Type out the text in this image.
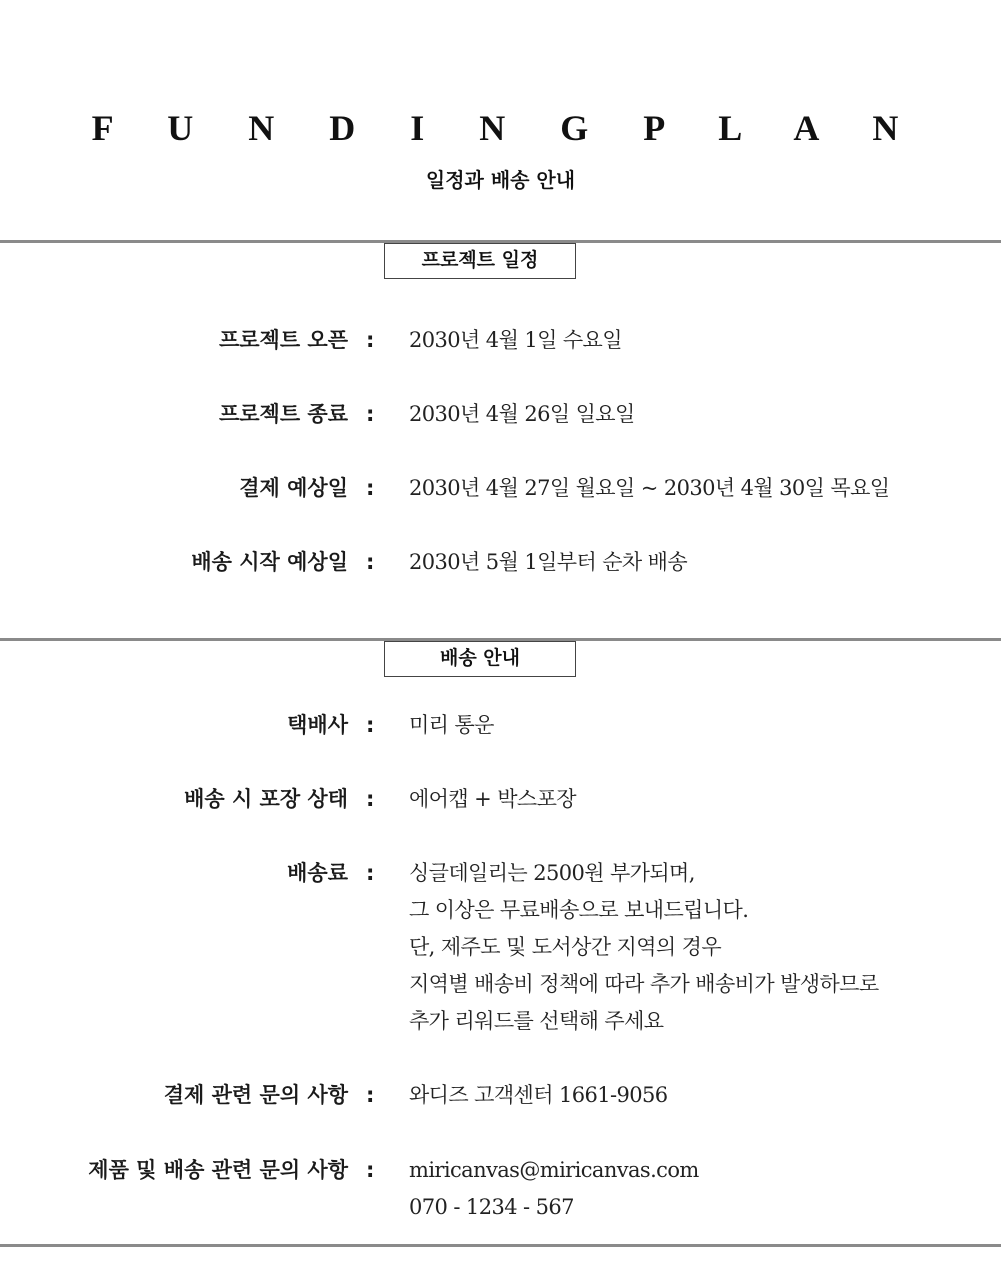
F U N D I N G P L A N
일정과 배송 안내
프로젝트 일정
프로젝트 오픈 : 2030년 4월 1일 수요일
프로젝트 종료 : 2030년 4월 26일 일요일
결제 예상일 : 2030년 4월 27일 월요일 ~ 2030년 4월 30일 목요일
배송 시작 예상일 : 2030년 5월 1일부터 순차 배송
배송 안내
택배사 : 미리 통운
배송 시 포장 상태 : 에어캡 + 박스포장
배송료 : 싱글데일리는 2500원 부가되며,
그 이상은 무료배송으로 보내드립니다.
단, 제주도 및 도서상간 지역의 경우
지역별 배송비 정책에 따라 추가 배송비가 발생하므로
추가 리워드를 선택해 주세요
결제 관련 문의 사항 : 와디즈 고객센터 1661-9056
제품 및 배송 관련 문의 사항 : miricanvas@miricanvas.com
070 - 1234 - 567
